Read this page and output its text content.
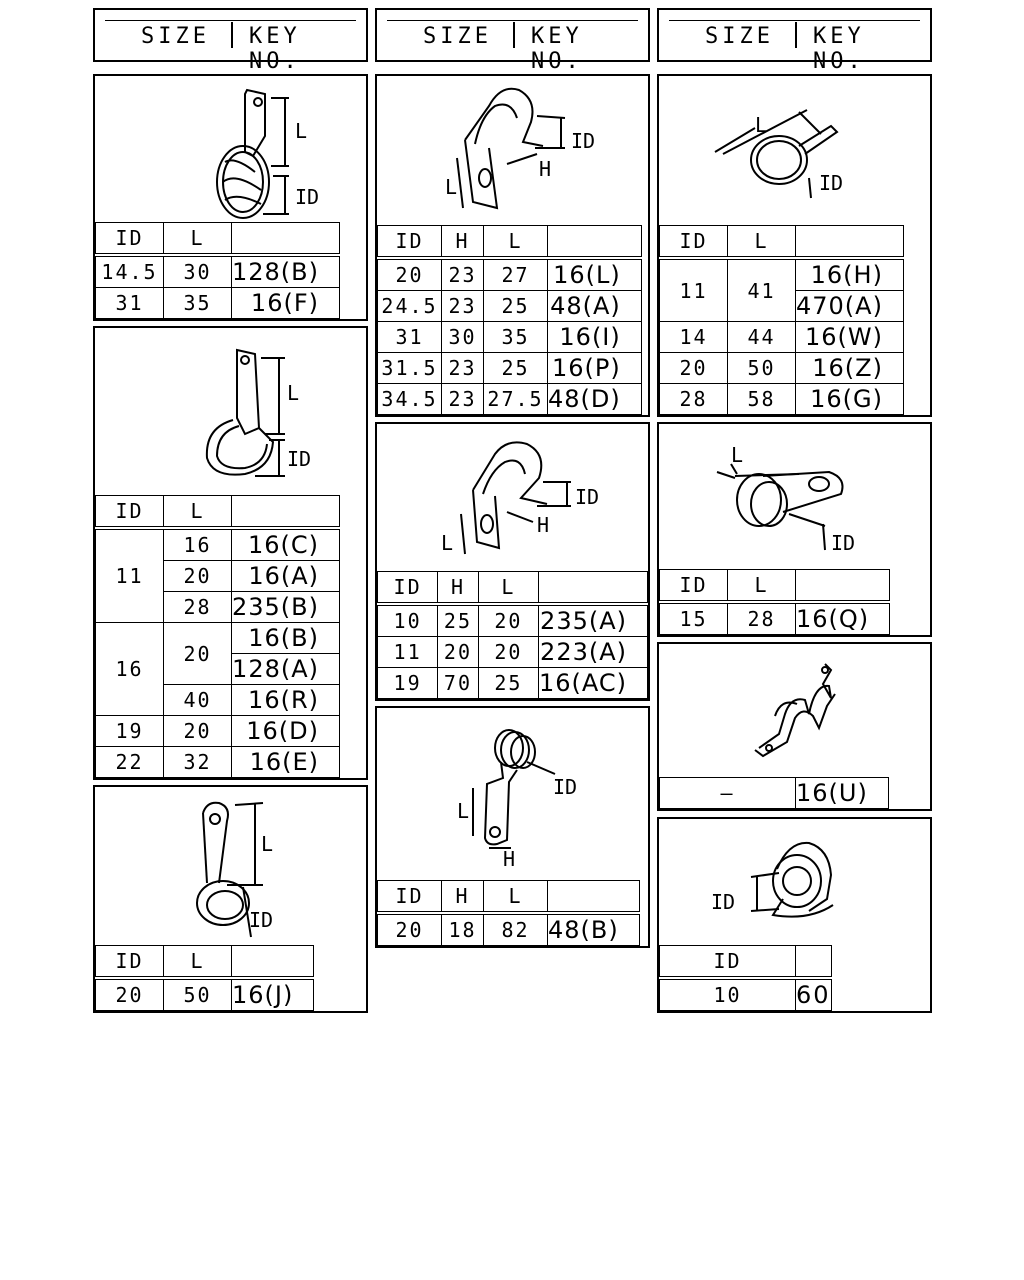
SIZE KEY NO.
SIZE KEY NO.
SIZE KEY NO.
L
ID
ID	L	
14.5	30	128(B)
31	35	16(F)
L
ID
ID	L	
11	16	16(C)
	20	16(A)
	28	235(B)
16	20	16(B)
		128(A)
	40	16(R)
19	20	16(D)
22	32	16(E)
L
ID
ID	L	
20	50	16(J)
ID
H
L
ID	H	L	
20	23	27	16(L)
24.5	23	25	48(A)
31	30	35	16(I)
31.5	23	25	16(P)
34.5	23	27.5	48(D)
ID
H
L
ID	H	L	
10	25	20	235(A)
11	20	20	223(A)
19	70	25	16(AC)
ID
L
H
ID	H	L	
20	18	82	48(B)
L
ID
ID	L	
11	41	16(H)
		470(A)
14	44	16(W)
20	50	16(Z)
28	58	16(G)
L
ID
ID	L	
15	28	16(Q)
—	16(U)
ID
ID	
10	60
